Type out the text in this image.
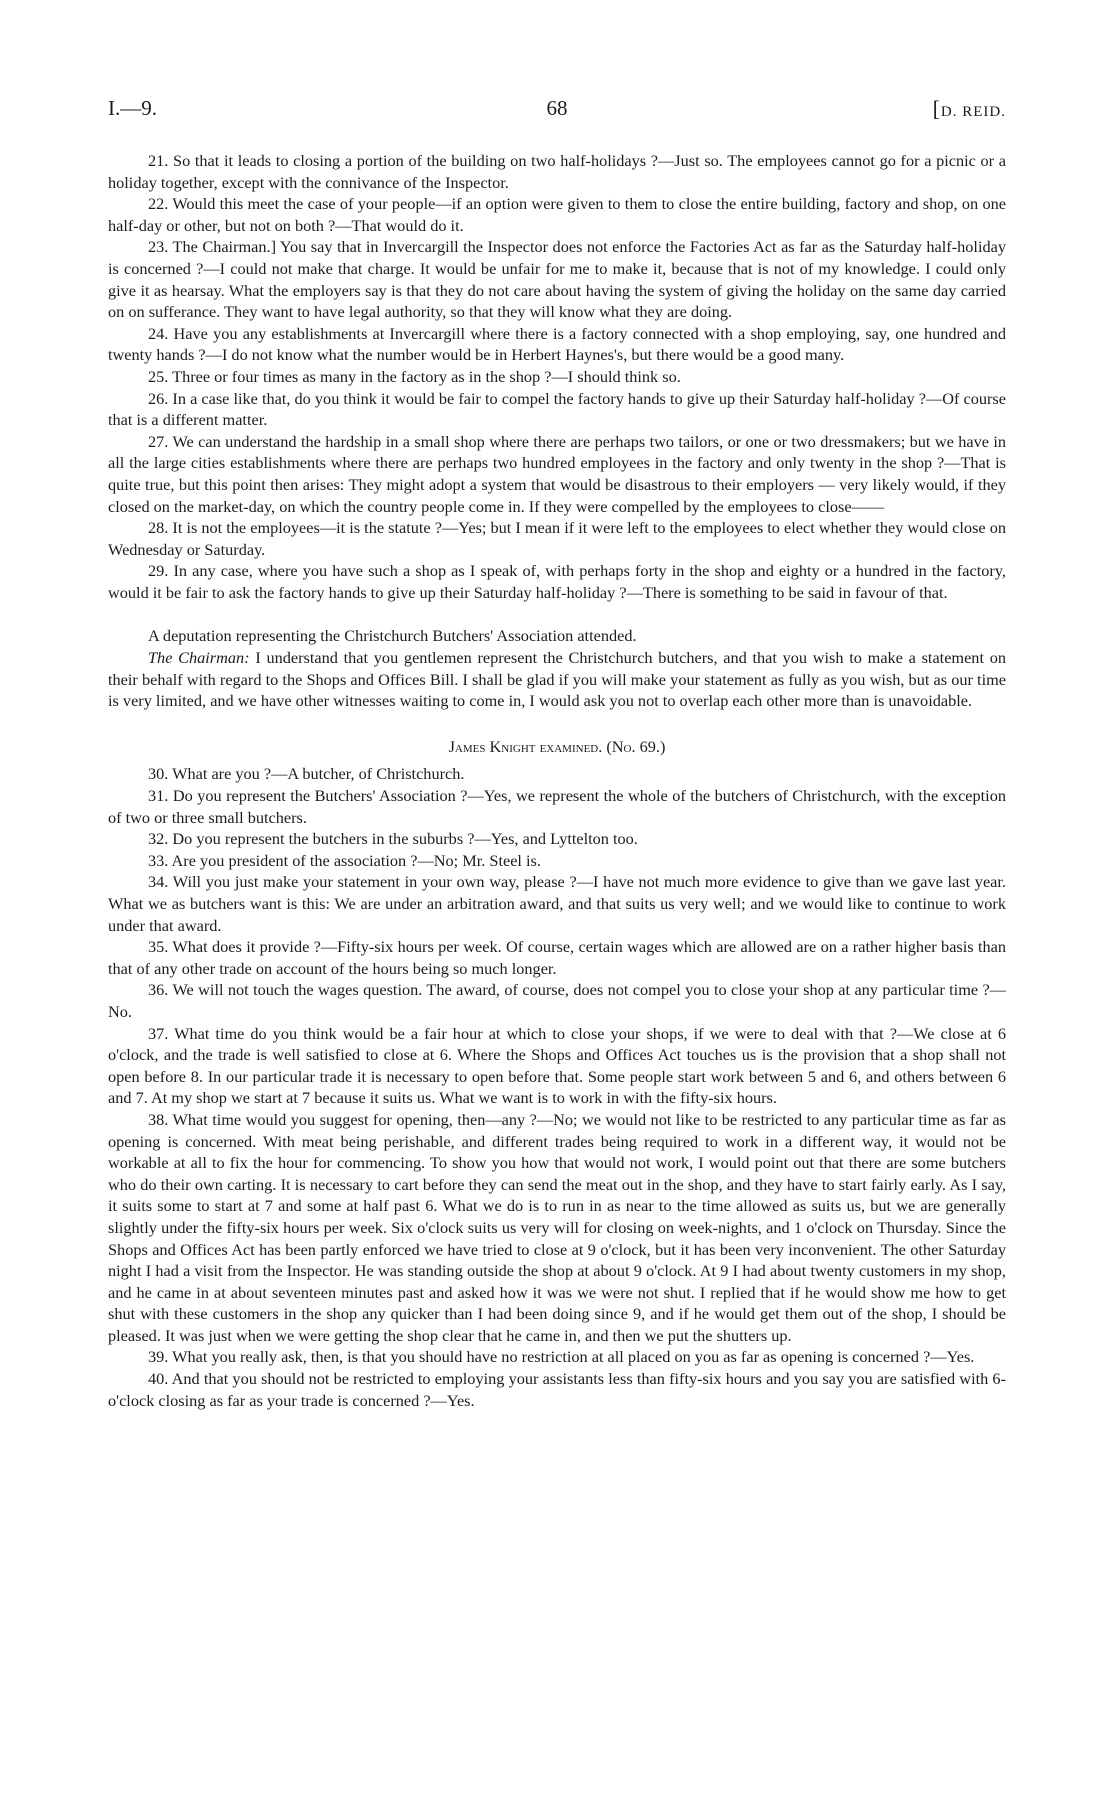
I.—9.	68	[D. REID.

21. So that it leads to closing a portion of the building on two half-holidays ?—Just so. The employees cannot go for a picnic or a holiday together, except with the connivance of the Inspector.

22. Would this meet the case of your people—if an option were given to them to close the entire building, factory and shop, on one half-day or other, but not on both ?—That would do it.

23. The Chairman.] You say that in Invercargill the Inspector does not enforce the Factories Act as far as the Saturday half-holiday is concerned ?—I could not make that charge. It would be unfair for me to make it, because that is not of my knowledge. I could only give it as hearsay. What the employers say is that they do not care about having the system of giving the holiday on the same day carried on on sufferance. They want to have legal authority, so that they will know what they are doing.

24. Have you any establishments at Invercargill where there is a factory connected with a shop employing, say, one hundred and twenty hands ?—I do not know what the number would be in Herbert Haynes's, but there would be a good many.

25. Three or four times as many in the factory as in the shop ?—I should think so.

26. In a case like that, do you think it would be fair to compel the factory hands to give up their Saturday half-holiday ?—Of course that is a different matter.

27. We can understand the hardship in a small shop where there are perhaps two tailors, or one or two dressmakers; but we have in all the large cities establishments where there are perhaps two hundred employees in the factory and only twenty in the shop ?—That is quite true, but this point then arises: They might adopt a system that would be disastrous to their employers — very likely would, if they closed on the market-day, on which the country people come in. If they were compelled by the employees to close——

28. It is not the employees—it is the statute ?—Yes; but I mean if it were left to the employees to elect whether they would close on Wednesday or Saturday.

29. In any case, where you have such a shop as I speak of, with perhaps forty in the shop and eighty or a hundred in the factory, would it be fair to ask the factory hands to give up their Saturday half-holiday ?—There is something to be said in favour of that.

A deputation representing the Christchurch Butchers' Association attended.

The Chairman: I understand that you gentlemen represent the Christchurch butchers, and that you wish to make a statement on their behalf with regard to the Shops and Offices Bill. I shall be glad if you will make your statement as fully as you wish, but as our time is very limited, and we have other witnesses waiting to come in, I would ask you not to overlap each other more than is unavoidable.

James Knight examined. (No. 69.)

30. What are you ?—A butcher, of Christchurch.

31. Do you represent the Butchers' Association ?—Yes, we represent the whole of the butchers of Christchurch, with the exception of two or three small butchers.

32. Do you represent the butchers in the suburbs ?—Yes, and Lyttelton too.

33. Are you president of the association ?—No; Mr. Steel is.

34. Will you just make your statement in your own way, please ?—I have not much more evidence to give than we gave last year. What we as butchers want is this: We are under an arbitration award, and that suits us very well; and we would like to continue to work under that award.

35. What does it provide ?—Fifty-six hours per week. Of course, certain wages which are allowed are on a rather higher basis than that of any other trade on account of the hours being so much longer.

36. We will not touch the wages question. The award, of course, does not compel you to close your shop at any particular time ?—No.

37. What time do you think would be a fair hour at which to close your shops, if we were to deal with that ?—We close at 6 o'clock, and the trade is well satisfied to close at 6. Where the Shops and Offices Act touches us is the provision that a shop shall not open before 8. In our particular trade it is necessary to open before that. Some people start work between 5 and 6, and others between 6 and 7. At my shop we start at 7 because it suits us. What we want is to work in with the fifty-six hours.

38. What time would you suggest for opening, then—any ?—No; we would not like to be restricted to any particular time as far as opening is concerned. With meat being perishable, and different trades being required to work in a different way, it would not be workable at all to fix the hour for commencing. To show you how that would not work, I would point out that there are some butchers who do their own carting. It is necessary to cart before they can send the meat out in the shop, and they have to start fairly early. As I say, it suits some to start at 7 and some at half past 6. What we do is to run in as near to the time allowed as suits us, but we are generally slightly under the fifty-six hours per week. Six o'clock suits us very will for closing on week-nights, and 1 o'clock on Thursday. Since the Shops and Offices Act has been partly enforced we have tried to close at 9 o'clock, but it has been very inconvenient. The other Saturday night I had a visit from the Inspector. He was standing outside the shop at about 9 o'clock. At 9 I had about twenty customers in my shop, and he came in at about seventeen minutes past and asked how it was we were not shut. I replied that if he would show me how to get shut with these customers in the shop any quicker than I had been doing since 9, and if he would get them out of the shop, I should be pleased. It was just when we were getting the shop clear that he came in, and then we put the shutters up.

39. What you really ask, then, is that you should have no restriction at all placed on you as far as opening is concerned ?—Yes.

40. And that you should not be restricted to employing your assistants less than fifty-six hours and you say you are satisfied with 6-o'clock closing as far as your trade is concerned ?—Yes.
